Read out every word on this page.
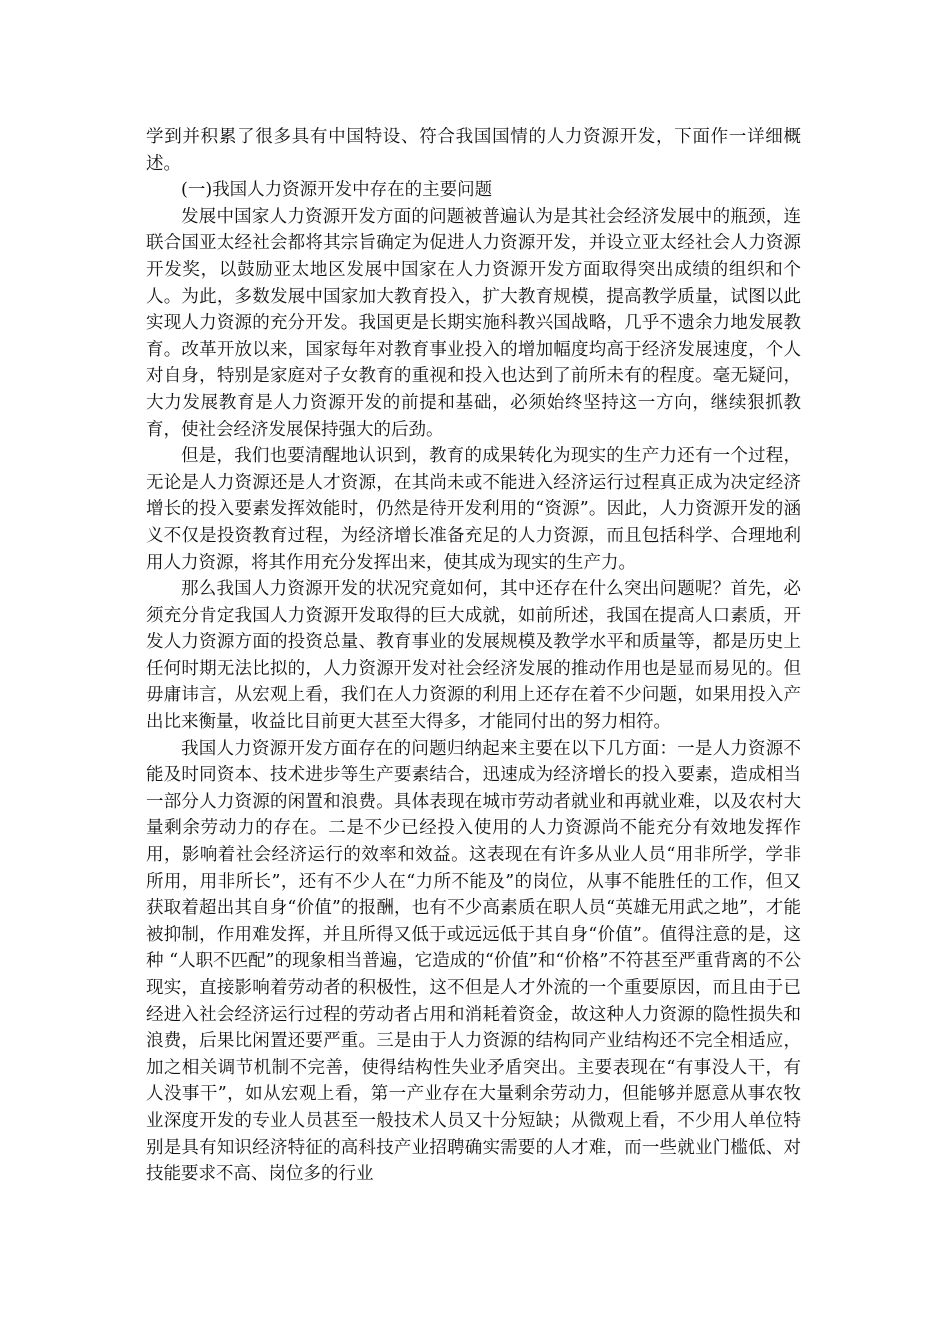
学到并积累了很多具有中国特设、符合我国国情的人力资源开发，下面作一详细概述。

(一)我国人力资源开发中存在的主要问题

发展中国家人力资源开发方面的问题被普遍认为是其社会经济发展中的瓶颈，连联合国亚太经社会都将其宗旨确定为促进人力资源开发，并设立亚太经社会人力资源开发奖，以鼓励亚太地区发展中国家在人力资源开发方面取得突出成绩的组织和个人。为此，多数发展中国家加大教育投入，扩大教育规模，提高教学质量，试图以此实现人力资源的充分开发。我国更是长期实施科教兴国战略，几乎不遗余力地发展教育。改革开放以来，国家每年对教育事业投入的增加幅度均高于经济发展速度，个人对自身，特别是家庭对子女教育的重视和投入也达到了前所未有的程度。毫无疑问，大力发展教育是人力资源开发的前提和基础，必须始终坚持这一方向，继续狠抓教育，使社会经济发展保持强大的后劲。

但是，我们也要清醒地认识到，教育的成果转化为现实的生产力还有一个过程，无论是人力资源还是人才资源，在其尚未或不能进入经济运行过程真正成为决定经济增长的投入要素发挥效能时，仍然是待开发利用的“资源”。因此，人力资源开发的涵义不仅是投资教育过程，为经济增长准备充足的人力资源，而且包括科学、合理地利用人力资源，将其作用充分发挥出来，使其成为现实的生产力。

那么我国人力资源开发的状况究竟如何，其中还存在什么突出问题呢？首先，必须充分肯定我国人力资源开发取得的巨大成就，如前所述，我国在提高人口素质，开发人力资源方面的投资总量、教育事业的发展规模及教学水平和质量等，都是历史上任何时期无法比拟的，人力资源开发对社会经济发展的推动作用也是显而易见的。但毋庸讳言，从宏观上看，我们在人力资源的利用上还存在着不少问题，如果用投入产出比来衡量，收益比目前更大甚至大得多，才能同付出的努力相符。

我国人力资源开发方面存在的问题归纳起来主要在以下几方面：一是人力资源不能及时同资本、技术进步等生产要素结合，迅速成为经济增长的投入要素，造成相当一部分人力资源的闲置和浪费。具体表现在城市劳动者就业和再就业难，以及农村大量剩余劳动力的存在。二是不少已经投入使用的人力资源尚不能充分有效地发挥作用，影响着社会经济运行的效率和效益。这表现在有许多从业人员“用非所学，学非所用，用非所长”，还有不少人在“力所不能及”的岗位，从事不能胜任的工作，但又获取着超出其自身“价值”的报酬，也有不少高素质在职人员“英雄无用武之地”，才能被抑制，作用难发挥，并且所得又低于或远远低于其自身“价值”。值得注意的是，这种 “人职不匹配”的现象相当普遍，它造成的“价值”和“价格”不符甚至严重背离的不公现实，直接影响着劳动者的积极性，这不但是人才外流的一个重要原因，而且由于已经进入社会经济运行过程的劳动者占用和消耗着资金，故这种人力资源的隐性损失和浪费，后果比闲置还要严重。三是由于人力资源的结构同产业结构还不完全相适应，加之相关调节机制不完善，使得结构性失业矛盾突出。主要表现在“有事没人干，有人没事干”，如从宏观上看，第一产业存在大量剩余劳动力，但能够并愿意从事农牧业深度开发的专业人员甚至一般技术人员又十分短缺；从微观上看，不少用人单位特别是具有知识经济特征的高科技产业招聘确实需要的人才难，而一些就业门槛低、对技能要求不高、岗位多的行业
